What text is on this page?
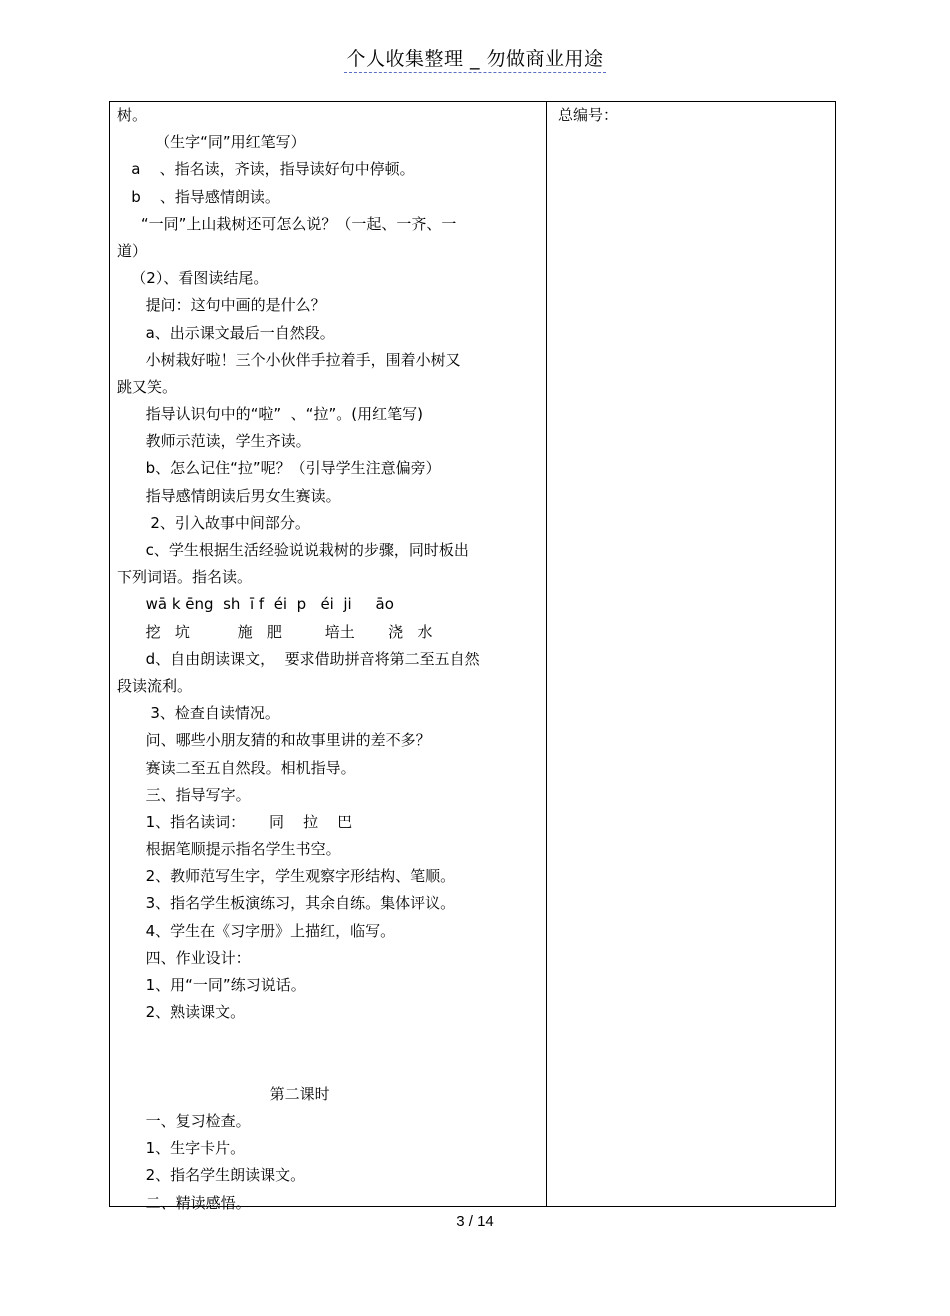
个人收集整理 _ 勿做商业用途
树。
（生字“同”用红笔写）
a    、指名读，齐读，指导读好句中停顿。
b    、指导感情朗读。
“一同”上山栽树还可怎么说？（一起、一齐、一
道）
（2）、看图读结尾。
提问：这句中画的是什么？
a、出示课文最后一自然段。
小树栽好啦！三个小伙伴手拉着手，围着小树又
跳又笑。
指导认识句中的“啦”  、“拉”。(用红笔写)
教师示范读，学生齐读。
b、怎么记住“拉”呢？（引导学生注意偏旁）
指导感情朗读后男女生赛读。
2、引入故事中间部分。
c、学生根据生活经验说说栽树的步骤，同时板出
下列词语。指名读。
wā k ēng  sh  ī f  éi  p   éi  ji     āo
挖   坑          施   肥         培土       浇   水
d、自由朗读课文，  要求借助拼音将第二至五自然
段读流利。
3、检查自读情况。
问、哪些小朋友猜的和故事里讲的差不多？
赛读二至五自然段。相机指导。
三、指导写字。
1、指名读词：     同    拉    巴
根据笔顺提示指名学生书空。
2、教师范写生字，学生观察字形结构、笔顺。
3、指名学生板演练习，其余自练。集体评议。
4、学生在《习字册》上描红，临写。
四、作业设计：
1、用“一同”练习说话。
2、熟读课文。
第二课时
一、复习检查。
1、生字卡片。
2、指名学生朗读课文。
二、精读感悟。
总编号：
3 / 14
